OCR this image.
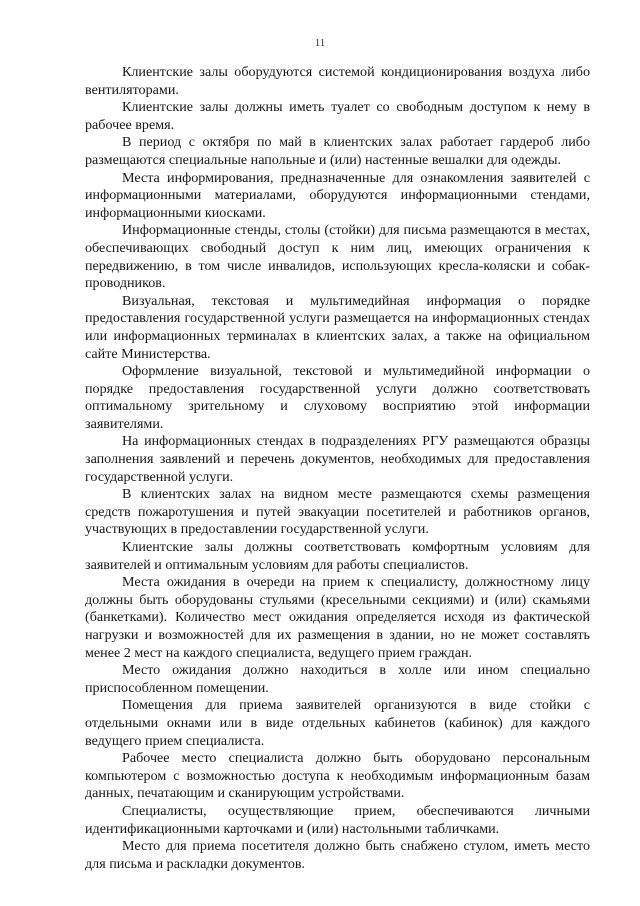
11

Клиентские залы оборудуются системой кондиционирования воздуха либо вентиляторами.

Клиентские залы должны иметь туалет со свободным доступом к нему в рабочее время.

В период с октября по май в клиентских залах работает гардероб либо размещаются специальные напольные и (или) настенные вешалки для одежды.

Места информирования, предназначенные для ознакомления заявителей с информационными материалами, оборудуются информационными стендами, информационными киосками.

Информационные стенды, столы (стойки) для письма размещаются в местах, обеспечивающих свободный доступ к ним лиц, имеющих ограничения к передвижению, в том числе инвалидов, использующих кресла-коляски и собак-проводников.

Визуальная, текстовая и мультимедийная информация о порядке предоставления государственной услуги размещается на информационных стендах или информационных терминалах в клиентских залах, а также на официальном сайте Министерства.

Оформление визуальной, текстовой и мультимедийной информации о порядке предоставления государственной услуги должно соответствовать оптимальному зрительному и слуховому восприятию этой информации заявителями.

На информационных стендах в подразделениях РГУ размещаются образцы заполнения заявлений и перечень документов, необходимых для предоставления государственной услуги.

В клиентских залах на видном месте размещаются схемы размещения средств пожаротушения и путей эвакуации посетителей и работников органов, участвующих в предоставлении государственной услуги.

Клиентские залы должны соответствовать комфортным условиям для заявителей и оптимальным условиям для работы специалистов.

Места ожидания в очереди на прием к специалисту, должностному лицу должны быть оборудованы стульями (кресельными секциями) и (или) скамьями (банкетками). Количество мест ожидания определяется исходя из фактической нагрузки и возможностей для их размещения в здании, но не может составлять менее 2 мест на каждого специалиста, ведущего прием граждан.

Место ожидания должно находиться в холле или ином специально приспособленном помещении.

Помещения для приема заявителей организуются в виде стойки с отдельными окнами или в виде отдельных кабинетов (кабинок) для каждого ведущего прием специалиста.

Рабочее место специалиста должно быть оборудовано персональным компьютером с возможностью доступа к необходимым информационным базам данных, печатающим и сканирующим устройствами.

Специалисты, осуществляющие прием, обеспечиваются личными идентификационными карточками и (или) настольными табличками.

Место для приема посетителя должно быть снабжено стулом, иметь место для письма и раскладки документов.
